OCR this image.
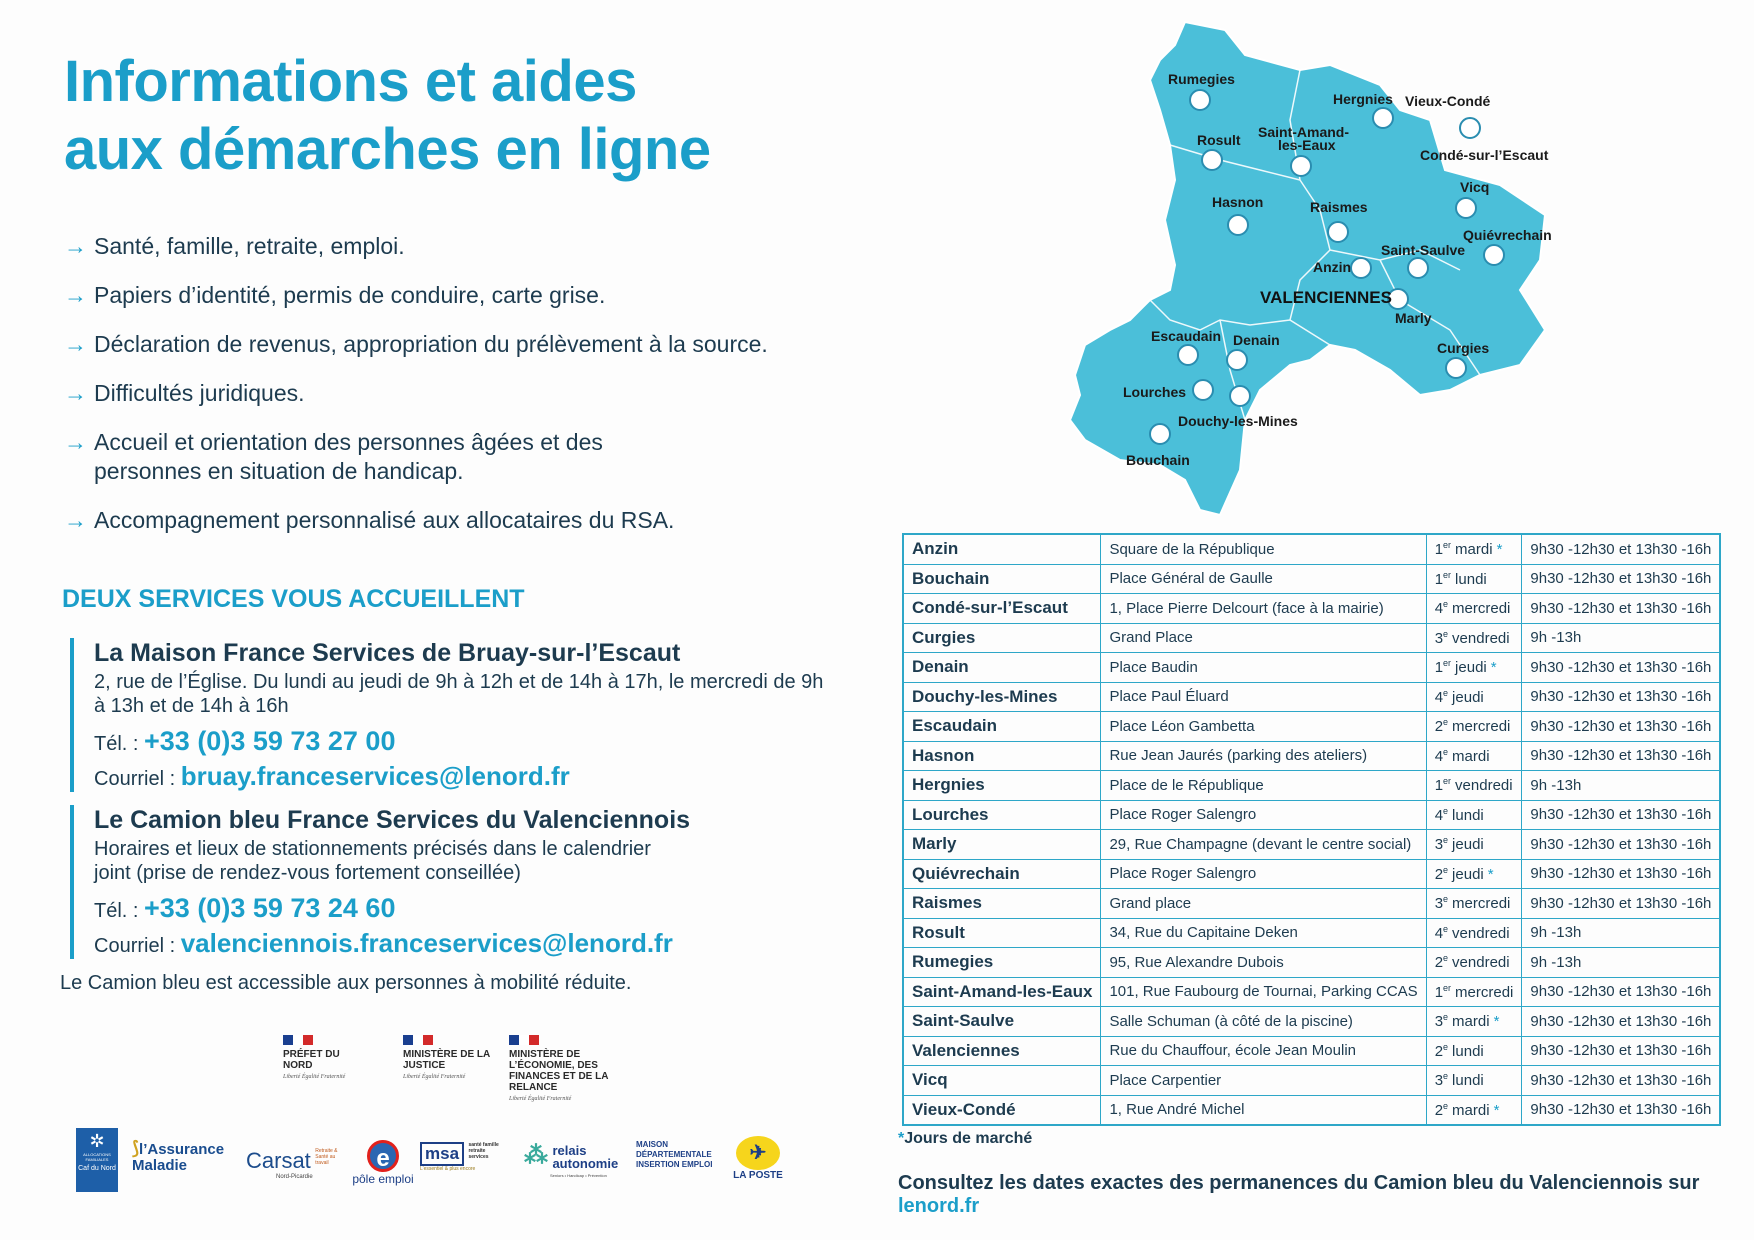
Informations et aides
aux démarches en ligne
→ Santé, famille, retraite, emploi.
→ Papiers d’identité, permis de conduire, carte grise.
→ Déclaration de revenus, appropriation du prélèvement à la source.
→ Difficultés juridiques.
→ Accueil et orientation des personnes âgées et des personnes en situation de handicap.
→ Accompagnement personnalisé aux allocataires du RSA.
DEUX SERVICES VOUS ACCUEILLENT
La Maison France Services de Bruay-sur-l’Escaut
2, rue de l’Église. Du lundi au jeudi de 9h à 12h et de 14h à 17h, le mercredi de 9h à 13h et de 14h à 16h
Tél. : +33 (0)3 59 73 27 00
Courriel : bruay.franceservices@lenord.fr
Le Camion bleu France Services du Valenciennois
Horaires et lieux de stationnements précisés dans le calendrier joint (prise de rendez-vous fortement conseillée)
Tél. : +33 (0)3 59 73 24 60
Courriel : valenciennois.franceservices@lenord.fr
Le Camion bleu est accessible aux personnes à mobilité réduite.
PRÉFET DU NORD
Liberté Égalité Fraternité
MINISTÈRE DE LA JUSTICE
Liberté Égalité Fraternité
MINISTÈRE DE L’ÉCONOMIE, DES FINANCES ET DE LA RELANCE
Liberté Égalité Fraternité
✲
ALLOCATIONS FAMILIALES
Caf du Nord
⟆l’Assurance Maladie	Carsat Retraite & Santé au travail
Nord-Picardie
e
pôle emploi
msa santé famille retraite services
L’essentiel & plus encore	⁂ relais autonomie
Seniors • Handicap • Prévention
MAISON DÉPARTEMENTALE INSERTION EMPLOI
✈
LA POSTE
Rumegies
Hergnies Vieux-Condé
Rosult Saint-Amand-
les-Eaux
Condé-sur-l’Escaut
Vicq
Hasnon	Raismes
Quiévrechain
Saint-Saulve
Anzin
VALENCIENNES
Marly
Escaudain Denain	Curgies
Lourches
Douchy-les-Mines
Bouchain
Anzin	Square de la République	1er mardi *	9h30 -12h30 et 13h30 -16h
Bouchain	Place Général de Gaulle	1er lundi	9h30 -12h30 et 13h30 -16h
Condé-sur-l’Escaut	1, Place Pierre Delcourt (face à la mairie)	4e mercredi	9h30 -12h30 et 13h30 -16h
Curgies	Grand Place	3e vendredi	9h -13h
Denain	Place Baudin	1er jeudi *	9h30 -12h30 et 13h30 -16h
Douchy-les-Mines	Place Paul Éluard	4e jeudi	9h30 -12h30 et 13h30 -16h
Escaudain	Place Léon Gambetta	2e mercredi	9h30 -12h30 et 13h30 -16h
Hasnon	Rue Jean Jaurés (parking des ateliers)	4e mardi	9h30 -12h30 et 13h30 -16h
Hergnies	Place de le République	1er vendredi	9h -13h
Lourches	Place Roger Salengro	4e lundi	9h30 -12h30 et 13h30 -16h
Marly	29, Rue Champagne (devant le centre social)	3e jeudi	9h30 -12h30 et 13h30 -16h
Quiévrechain	Place Roger Salengro	2e jeudi *	9h30 -12h30 et 13h30 -16h
Raismes	Grand place	3e mercredi	9h30 -12h30 et 13h30 -16h
Rosult	34, Rue du Capitaine Deken	4e vendredi	9h -13h
Rumegies	95, Rue Alexandre Dubois	2e vendredi	9h -13h
Saint-Amand-les-Eaux	101, Rue Faubourg de Tournai, Parking CCAS	1er mercredi	9h30 -12h30 et 13h30 -16h
Saint-Saulve	Salle Schuman (à côté de la piscine)	3e mardi *	9h30 -12h30 et 13h30 -16h
Valenciennes	Rue du Chauffour, école Jean Moulin	2e lundi	9h30 -12h30 et 13h30 -16h
Vicq	Place Carpentier	3e lundi	9h30 -12h30 et 13h30 -16h
Vieux-Condé	1, Rue André Michel	2e mardi *	9h30 -12h30 et 13h30 -16h
*Jours de marché
Consultez les dates exactes des permanences du Camion bleu du Valenciennois sur lenord.fr
